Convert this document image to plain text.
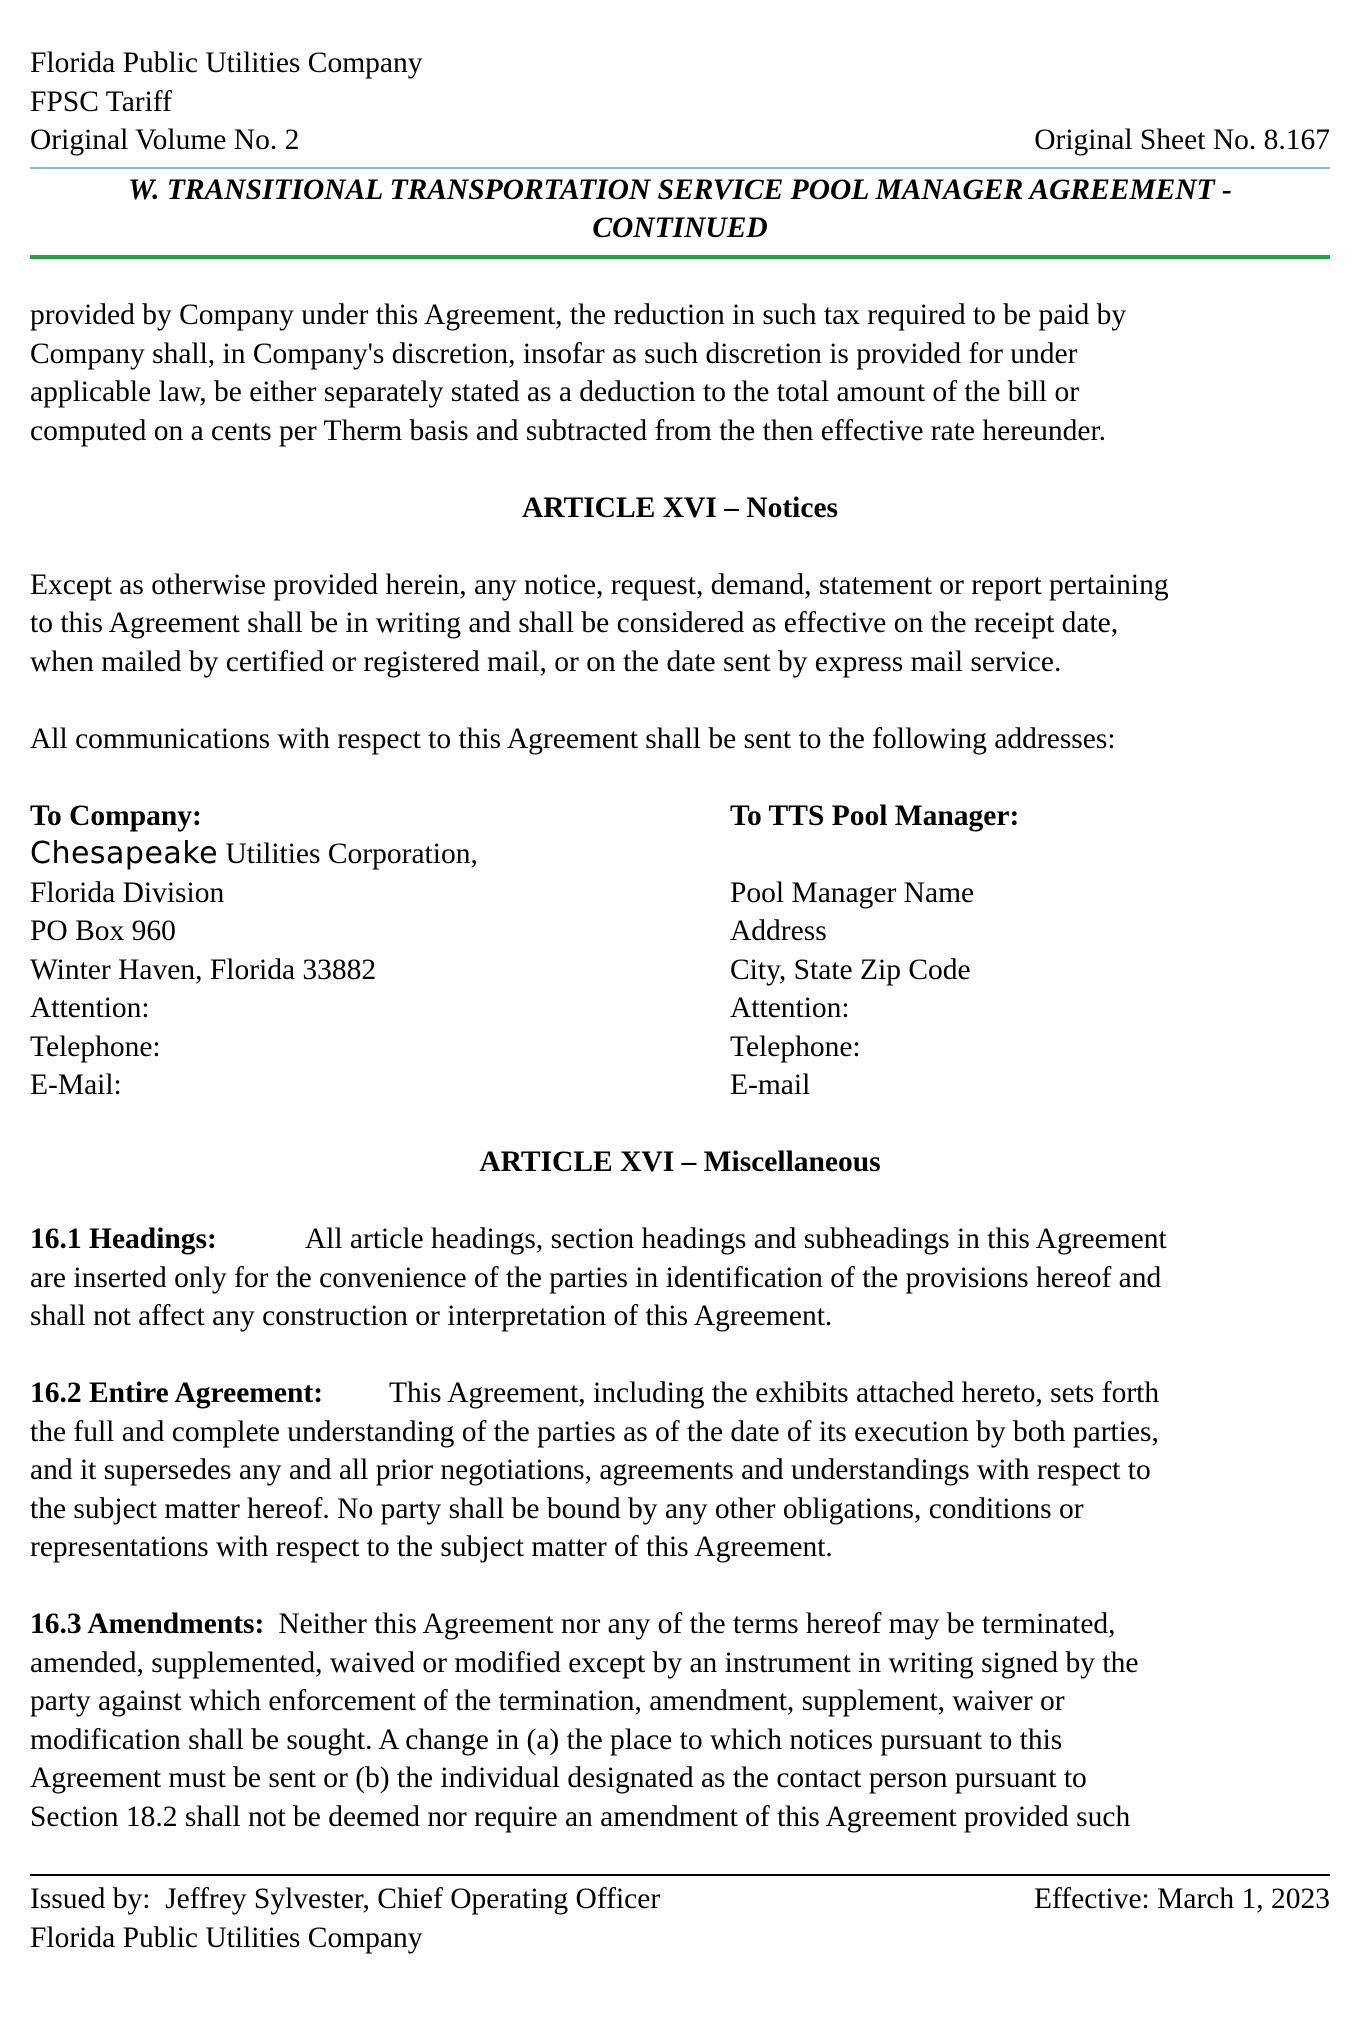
Florida Public Utilities Company
FPSC Tariff
Original Volume No. 2	Original Sheet No. 8.167
W. TRANSITIONAL TRANSPORTATION SERVICE POOL MANAGER AGREEMENT -
CONTINUED

provided by Company under this Agreement, the reduction in such tax required to be paid by
Company shall, in Company's discretion, insofar as such discretion is provided for under
applicable law, be either separately stated as a deduction to the total amount of the bill or
computed on a cents per Therm basis and subtracted from the then effective rate hereunder.

ARTICLE XVI – Notices

Except as otherwise provided herein, any notice, request, demand, statement or report pertaining
to this Agreement shall be in writing and shall be considered as effective on the receipt date,
when mailed by certified or registered mail, or on the date sent by express mail service.

All communications with respect to this Agreement shall be sent to the following addresses:

To Company:
Chesapeake Utilities Corporation,
Florida Division
PO Box 960
Winter Haven, Florida 33882
Attention:
Telephone:
E-Mail:
To TTS Pool Manager:

Pool Manager Name
Address
City, State Zip Code
Attention:
Telephone:
E-mail

ARTICLE XVI – Miscellaneous

16.1 Headings:	All article headings, section headings and subheadings in this Agreement
are inserted only for the convenience of the parties in identification of the provisions hereof and
shall not affect any construction or interpretation of this Agreement.

16.2 Entire Agreement: This Agreement, including the exhibits attached hereto, sets forth
the full and complete understanding of the parties as of the date of its execution by both parties,
and it supersedes any and all prior negotiations, agreements and understandings with respect to
the subject matter hereof. No party shall be bound by any other obligations, conditions or
representations with respect to the subject matter of this Agreement.

16.3 Amendments: Neither this Agreement nor any of the terms hereof may be terminated,
amended, supplemented, waived or modified except by an instrument in writing signed by the
party against which enforcement of the termination, amendment, supplement, waiver or
modification shall be sought. A change in (a) the place to which notices pursuant to this
Agreement must be sent or (b) the individual designated as the contact person pursuant to
Section 18.2 shall not be deemed nor require an amendment of this Agreement provided such

Issued by:  Jeffrey Sylvester, Chief Operating Officer	Effective: March 1, 2023
Florida Public Utilities Company
